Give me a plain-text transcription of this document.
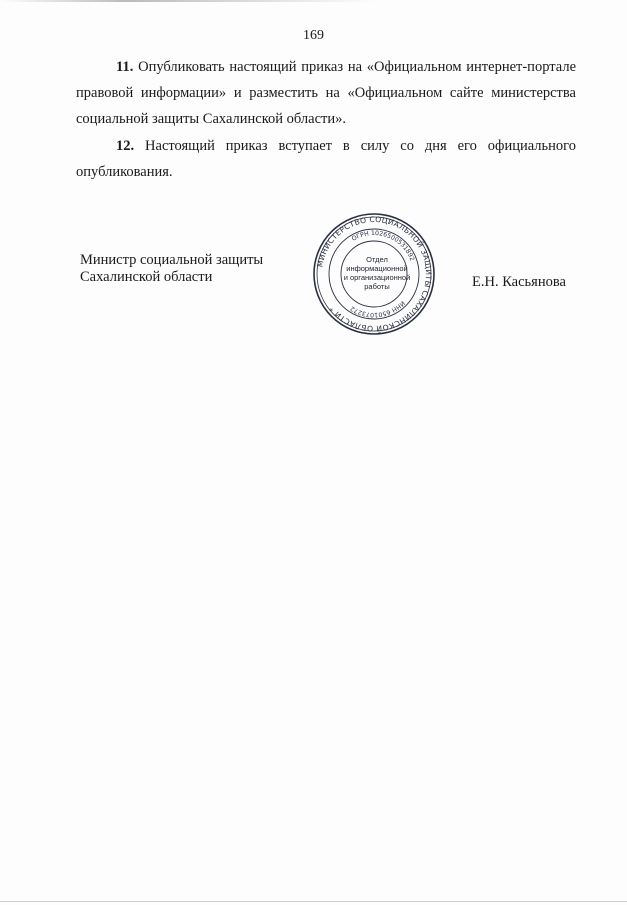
169

11. Опубликовать настоящий приказ на «Официальном интернет-портале правовой информации» и разместить на «Официальном сайте министерства социальной защиты Сахалинской области».

12. Настоящий приказ вступает в силу со дня его официального опубликования.

Министр социальной защиты
Сахалинской области
МИНИСТЕРСТВО СОЦИАЛЬНОЙ ЗАЩИТЫ САХАЛИНСКОЙ ОБЛАСТИ *
ОГРН 1026500531892
ИНН 6501073272
Отдел
информационной
и организационной
работы	Е.Н. Касьянова
